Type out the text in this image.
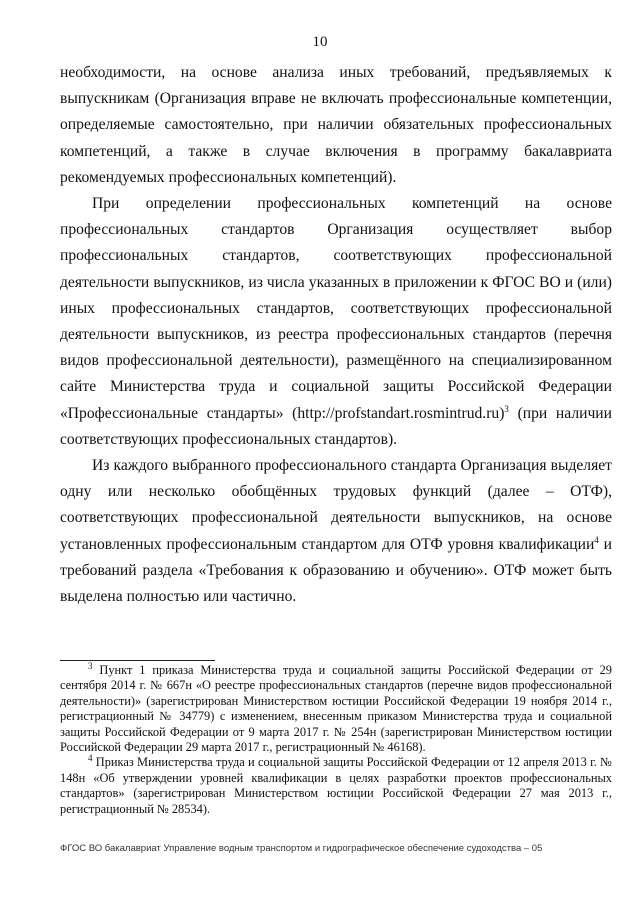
10

необходимости, на основе анализа иных требований, предъявляемых к выпускникам (Организация вправе не включать профессиональные компетенции, определяемые самостоятельно, при наличии обязательных профессиональных компетенций, а также в случае включения в программу бакалавриата рекомендуемых профессиональных компетенций).

При определении профессиональных компетенций на основе профессиональных стандартов Организация осуществляет выбор профессиональных стандартов, соответствующих профессиональной деятельности выпускников, из числа указанных в приложении к ФГОС ВО и (или) иных профессиональных стандартов, соответствующих профессиональной деятельности выпускников, из реестра профессиональных стандартов (перечня видов профессиональной деятельности), размещённого на специализированном сайте Министерства труда и социальной защиты Российской Федерации «Профессиональные стандарты» (http://profstandart.rosmintrud.ru)$^3$ (при наличии соответствующих профессиональных стандартов).

Из каждого выбранного профессионального стандарта Организация выделяет одну или несколько обобщённых трудовых функций (далее – ОТФ), соответствующих профессиональной деятельности выпускников, на основе установленных профессиональным стандартом для ОТФ уровня квалификации$^4$ и требований раздела «Требования к образованию и обучению». ОТФ может быть выделена полностью или частично.

$^3$ Пункт 1 приказа Министерства труда и социальной защиты Российской Федерации от 29 сентября 2014 г. № 667н «О реестре профессиональных стандартов (перечне видов профессиональной деятельности)» (зарегистрирован Министерством юстиции Российской Федерации 19 ноября 2014 г., регистрационный № 34779) с изменением, внесенным приказом Министерства труда и социальной защиты Российской Федерации от 9 марта 2017 г. № 254н (зарегистрирован Министерством юстиции Российской Федерации 29 марта 2017 г., регистрационный № 46168).

$^4$ Приказ Министерства труда и социальной защиты Российской Федерации от 12 апреля 2013 г. № 148н «Об утверждении уровней квалификации в целях разработки проектов профессиональных стандартов» (зарегистрирован Министерством юстиции Российской Федерации 27 мая 2013 г., регистрационный № 28534).

ФГОС ВО бакалавриат Управление водным транспортом и гидрографическое обеспечение судоходства – 05
